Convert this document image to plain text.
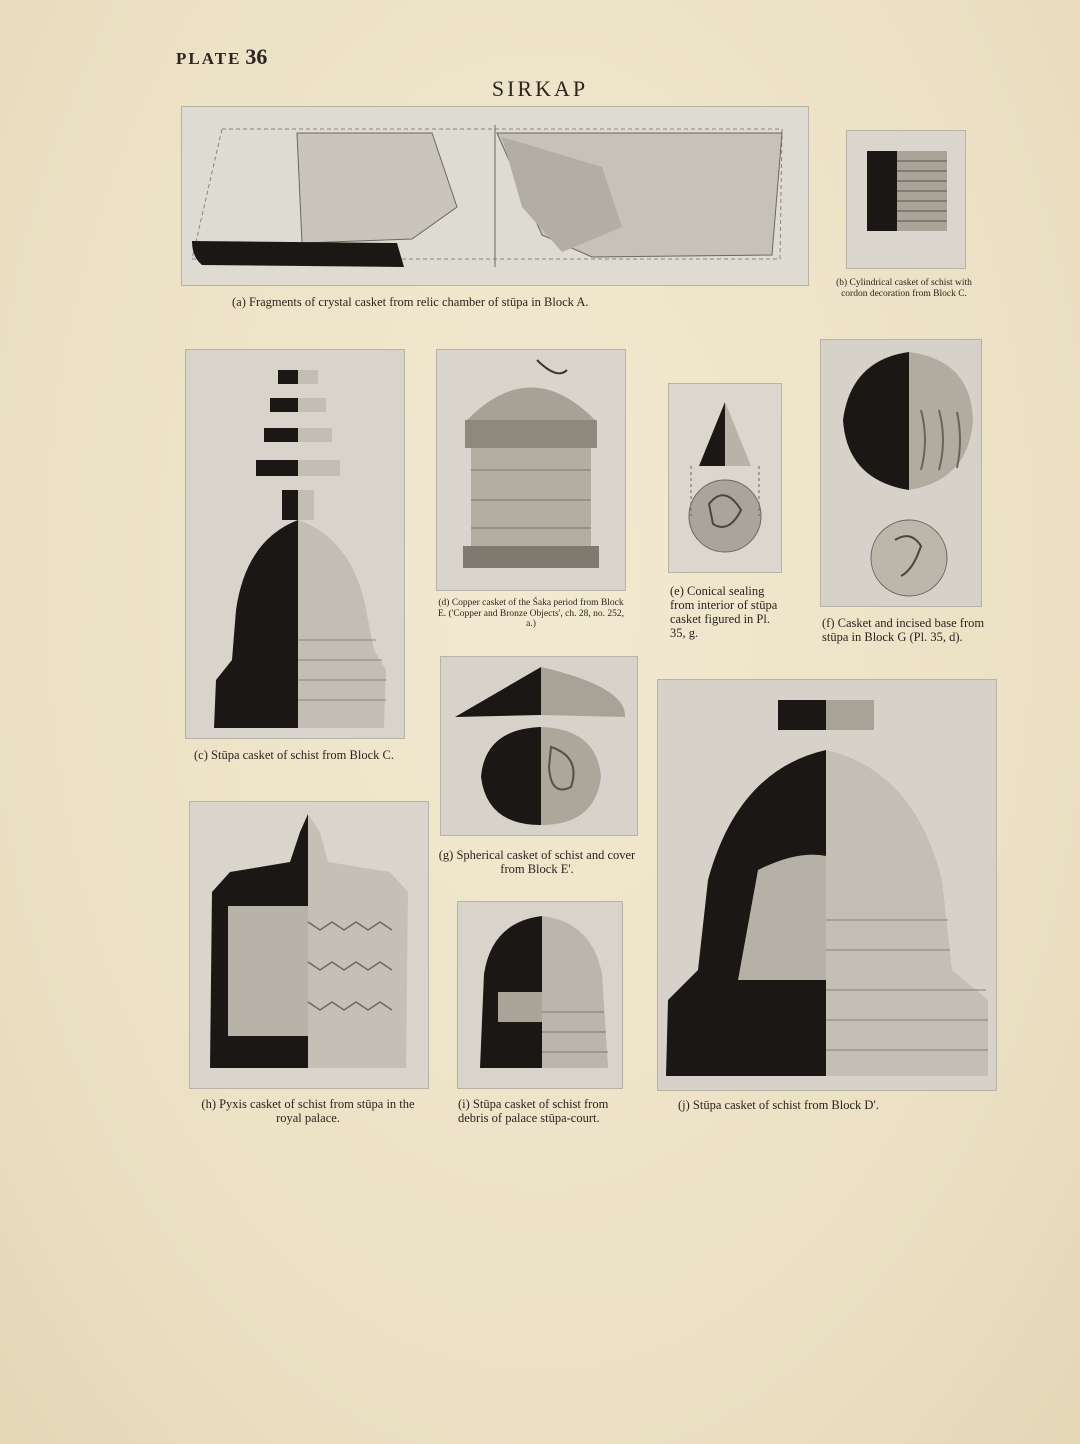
PLATE 36
SIRKAP
(a) Fragments of crystal casket from relic chamber of stūpa in Block A.
(b) Cylindrical casket of schist with cordon decoration from Block C.
(c) Stūpa casket of schist from Block C.
(d) Copper casket of the Śaka period from Block E. ('Copper and Bronze Objects', ch. 28, no. 252, a.)
(e) Conical sealing from interior of stūpa casket figured in Pl. 35, g.
(f) Casket and incised base from stūpa in Block G (Pl. 35, d).
(g) Spherical casket of schist and cover from Block E'.
(h) Pyxis casket of schist from stūpa in the royal palace.
(i) Stūpa casket of schist from debris of palace stūpa-court.
(j) Stūpa casket of schist from Block D'.
